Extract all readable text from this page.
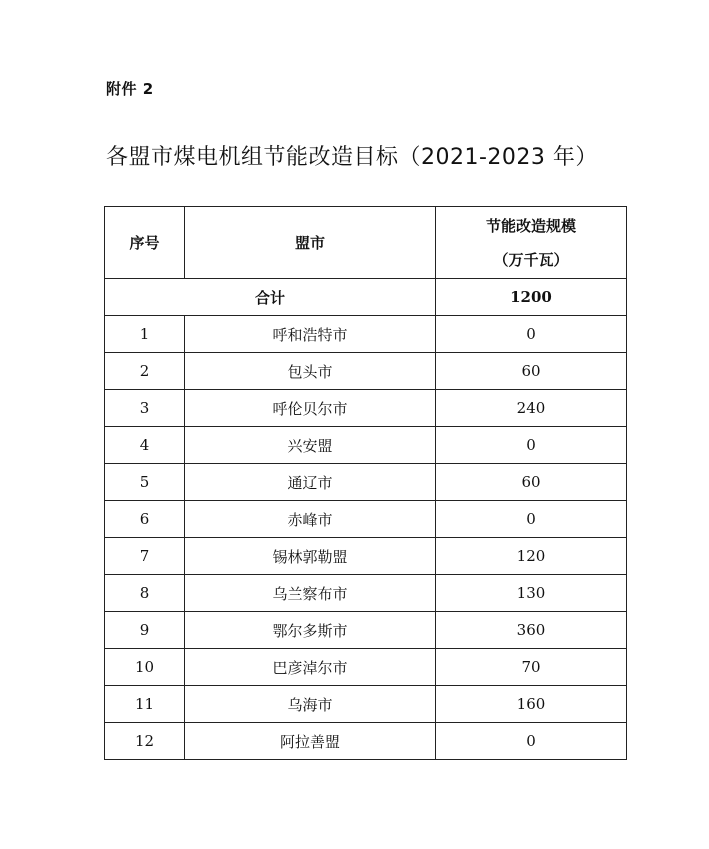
附件 2
各盟市煤电机组节能改造目标（2021-2023 年）
序号	盟市	节能改造规模
（万千瓦）

合计		1200
1	呼和浩特市	0
2	包头市	60
3	呼伦贝尔市	240
4	兴安盟	0
5	通辽市	60
6	赤峰市	0
7	锡林郭勒盟	120
8	乌兰察布市	130
9	鄂尔多斯市	360
10	巴彦淖尔市	70
11	乌海市	160
12	阿拉善盟	0
